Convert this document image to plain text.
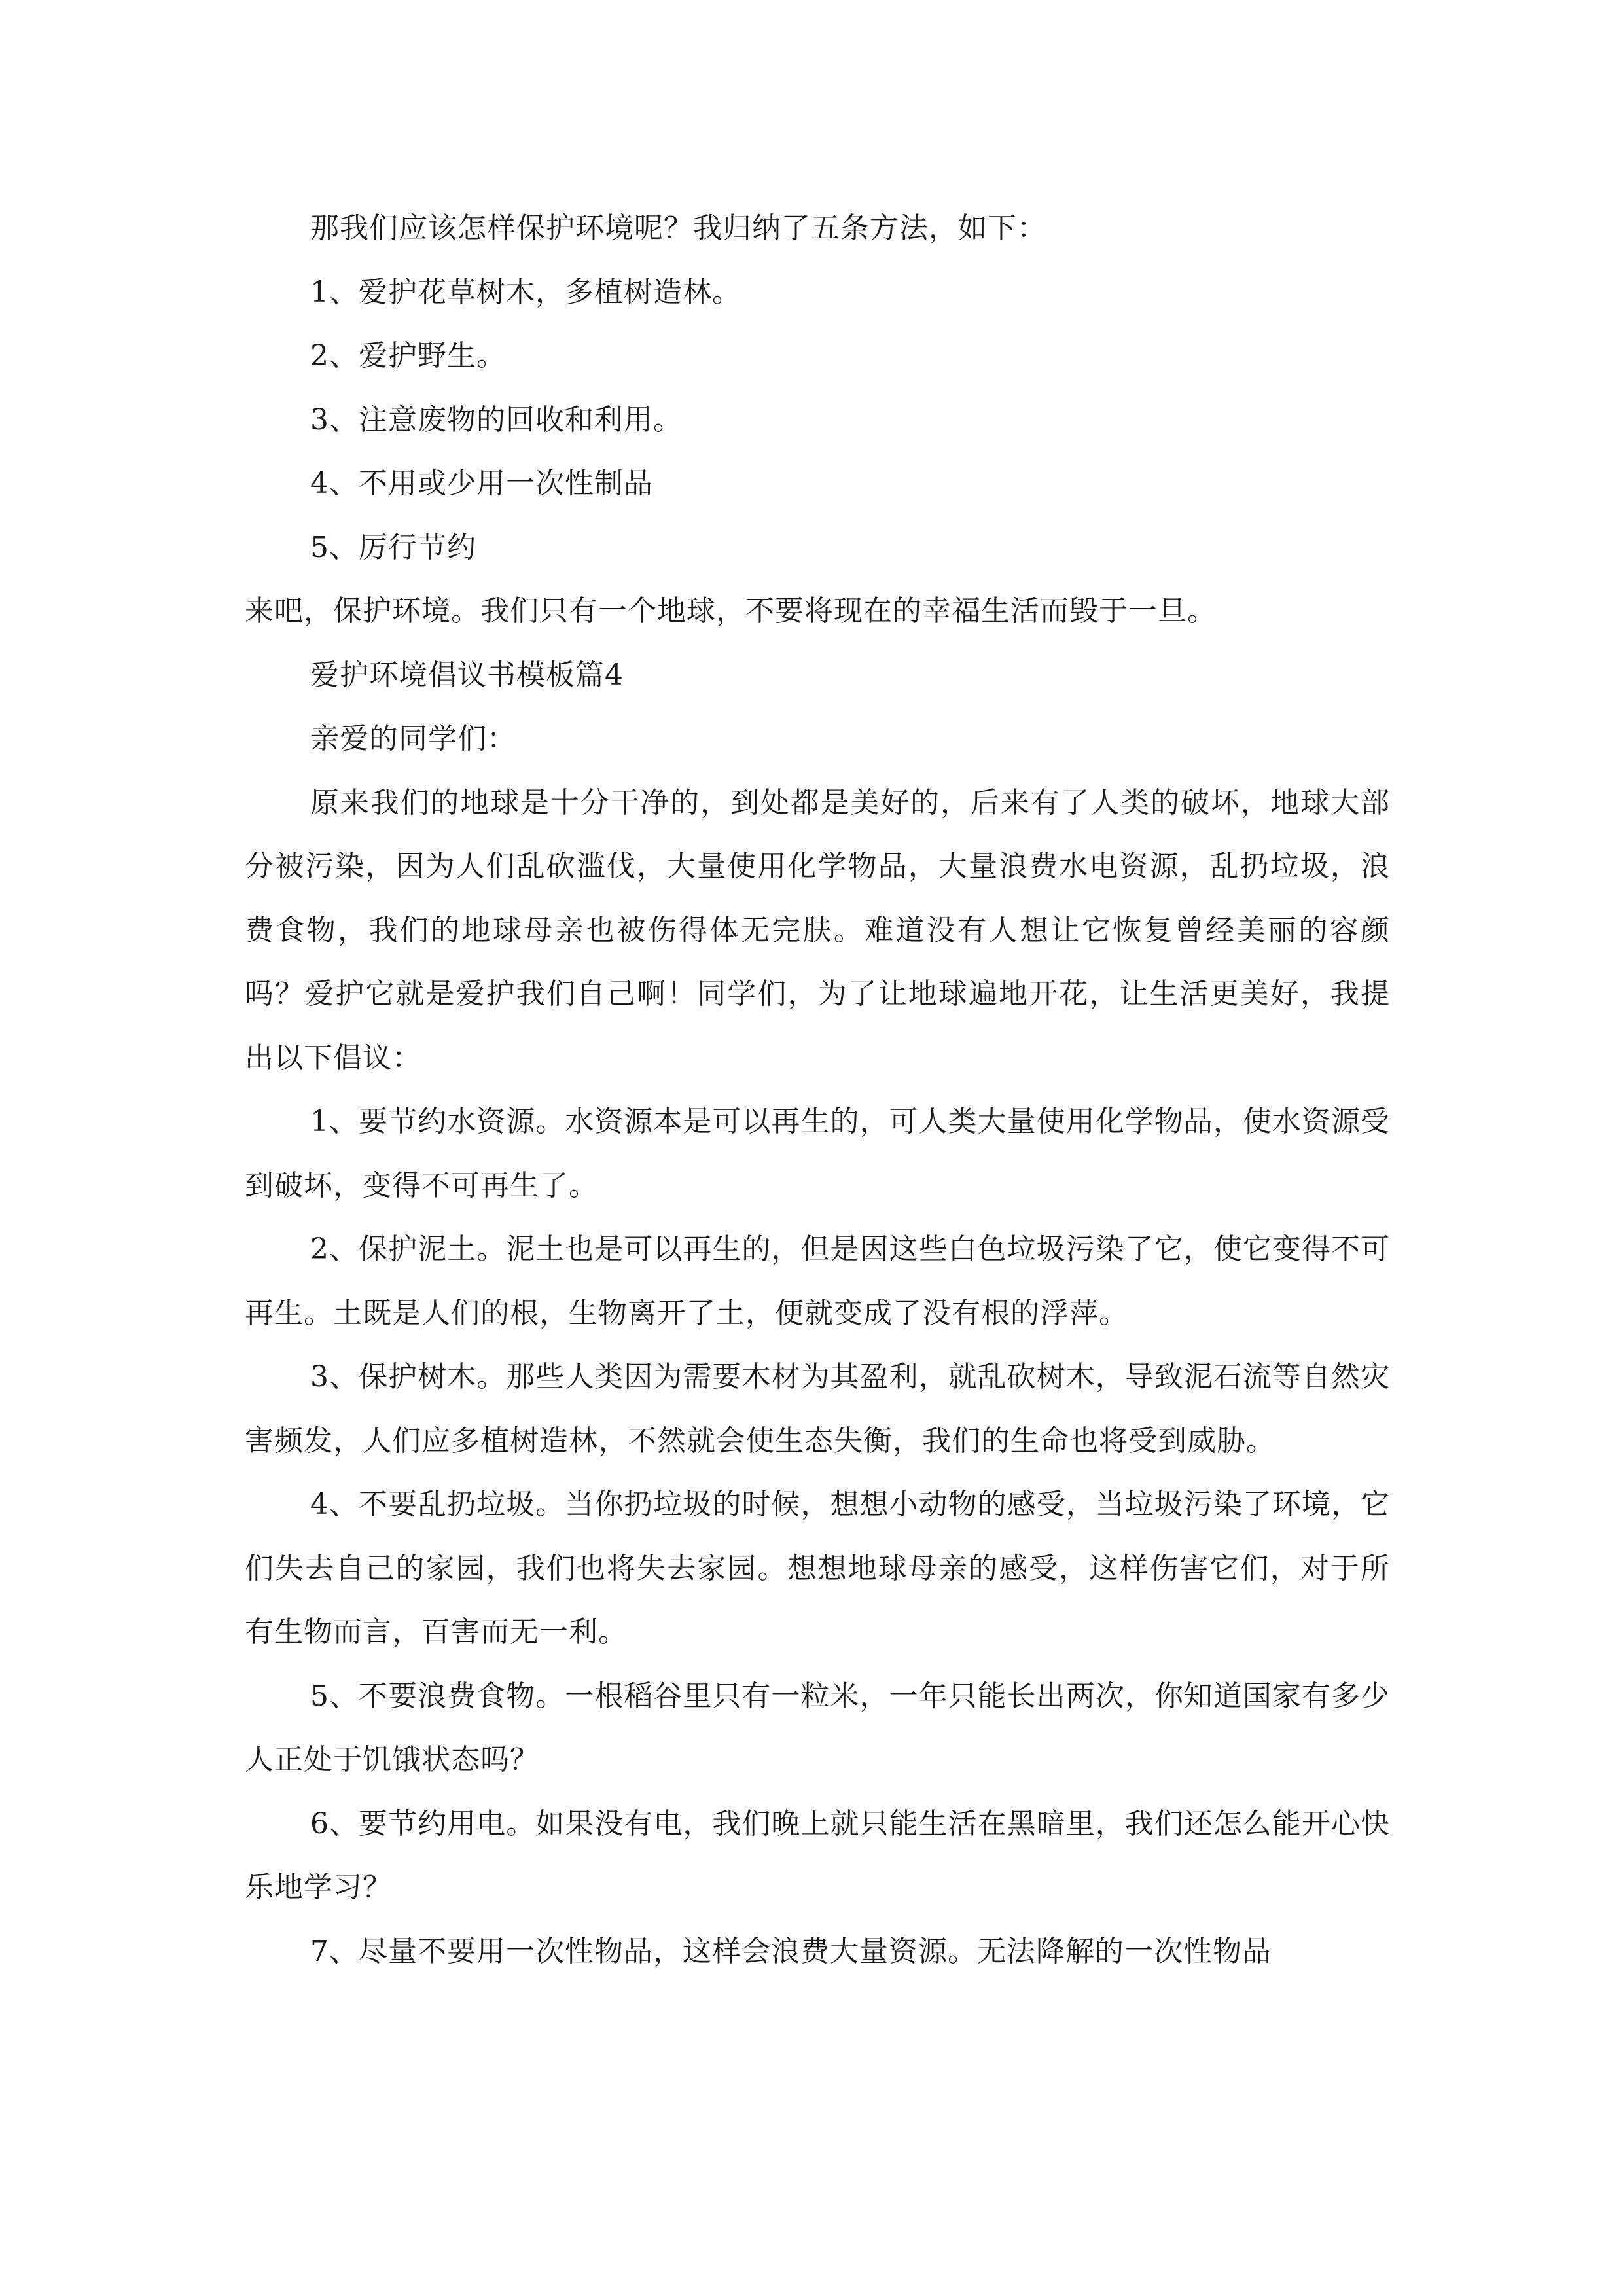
那我们应该怎样保护环境呢？我归纳了五条方法，如下：

1、爱护花草树木，多植树造林。

2、爱护野生。

3、注意废物的回收和利用。

4、不用或少用一次性制品

5、厉行节约

来吧，保护环境。我们只有一个地球，不要将现在的幸福生活而毁于一旦。

爱护环境倡议书模板篇4

亲爱的同学们：

原来我们的地球是十分干净的，到处都是美好的，后来有了人类的破坏，地球大部分被污染，因为人们乱砍滥伐，大量使用化学物品，大量浪费水电资源，乱扔垃圾，浪费食物，我们的地球母亲也被伤得体无完肤。难道没有人想让它恢复曾经美丽的容颜吗？爱护它就是爱护我们自己啊！同学们，为了让地球遍地开花，让生活更美好，我提出以下倡议：

1、要节约水资源。水资源本是可以再生的，可人类大量使用化学物品，使水资源受到破坏，变得不可再生了。

2、保护泥土。泥土也是可以再生的，但是因这些白色垃圾污染了它，使它变得不可再生。土既是人们的根，生物离开了土，便就变成了没有根的浮萍。

3、保护树木。那些人类因为需要木材为其盈利，就乱砍树木，导致泥石流等自然灾害频发，人们应多植树造林，不然就会使生态失衡，我们的生命也将受到威胁。

4、不要乱扔垃圾。当你扔垃圾的时候，想想小动物的感受，当垃圾污染了环境，它们失去自己的家园，我们也将失去家园。想想地球母亲的感受，这样伤害它们，对于所有生物而言，百害而无一利。

5、不要浪费食物。一根稻谷里只有一粒米，一年只能长出两次，你知道国家有多少人正处于饥饿状态吗？

6、要节约用电。如果没有电，我们晚上就只能生活在黑暗里，我们还怎么能开心快乐地学习？

7、尽量不要用一次性物品，这样会浪费大量资源。无法降解的一次性物品
